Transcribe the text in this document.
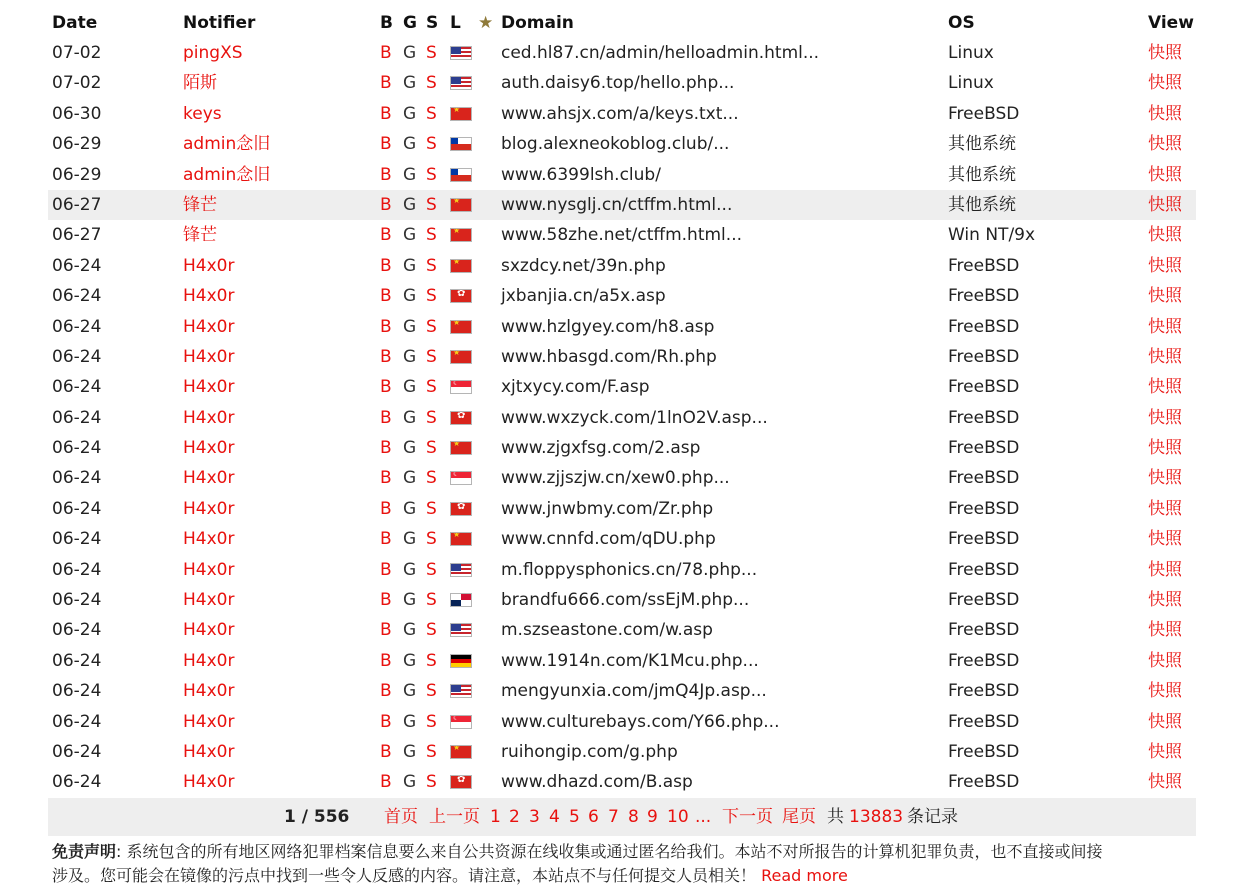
Date	Notifier	B G S L ★ Domain	OS	View
07-02	pingXS	B G S	ced.hl87.cn/admin/helloadmin.html...	Linux	快照
07-02	陌斯	B G S	auth.daisy6.top/hello.php...	Linux	快照
06-30	keys	B G S	www.ahsjx.com/a/keys.txt...	FreeBSD	快照
★
06-29	admin念旧	B G S	blog.alexneokoblog.club/...	其他系统	快照
06-29	admin念旧	B G S	www.6399lsh.club/	其他系统	快照
06-27	锋芒	B G S	www.nysglj.cn/ctffm.html...	其他系统	快照
★
06-27	锋芒	B G S	www.58zhe.net/ctffm.html...	Win NT/9x	快照
★
06-24	H4x0r	B G S	sxzdcy.net/39n.php	FreeBSD	快照
★
06-24	H4x0r	B G S	jxbanjia.cn/a5x.asp	FreeBSD	快照
✿
06-24	H4x0r	B G S	www.hzlgyey.com/h8.asp	FreeBSD	快照
★
06-24	H4x0r	B G S	www.hbasgd.com/Rh.php	FreeBSD	快照
★
06-24	H4x0r	B G S	xjtxycy.com/F.asp	FreeBSD	快照
☾
06-24	H4x0r	B G S	www.wxzyck.com/1lnO2V.asp...	FreeBSD	快照
✿
06-24	H4x0r	B G S	www.zjgxfsg.com/2.asp	FreeBSD	快照
★
06-24	H4x0r	B G S	www.zjjszjw.cn/xew0.php...	FreeBSD	快照
☾
06-24	H4x0r	B G S	www.jnwbmy.com/Zr.php	FreeBSD	快照
✿
06-24	H4x0r	B G S	www.cnnfd.com/qDU.php	FreeBSD	快照
★
06-24	H4x0r	B G S	m.floppysphonics.cn/78.php...	FreeBSD	快照
06-24	H4x0r	B G S	brandfu666.com/ssEjM.php...	FreeBSD	快照
06-24	H4x0r	B G S	m.szseastone.com/w.asp	FreeBSD	快照
06-24	H4x0r	B G S	www.1914n.com/K1Mcu.php...	FreeBSD	快照
06-24	H4x0r	B G S	mengyunxia.com/jmQ4Jp.asp...	FreeBSD	快照
06-24	H4x0r	B G S	www.culturebays.com/Y66.php...	FreeBSD	快照
☾
06-24	H4x0r	B G S	ruihongip.com/g.php	FreeBSD	快照
★
06-24	H4x0r	B G S	www.dhazd.com/B.asp	FreeBSD	快照
✿
1 / 556 首页 上一页 1 2 3 4 5 6 7 8 9 10 ... 下一页 尾页 共 13883 条记录
免责声明: 系统包含的所有地区网络犯罪档案信息要么来自公共资源在线收集或通过匿名给我们。本站不对所报告的计算机犯罪负责，也不直接或间接
涉及。您可能会在镜像的污点中找到一些令人反感的内容。请注意，本站点不与任何提交人员相关！ Read more
